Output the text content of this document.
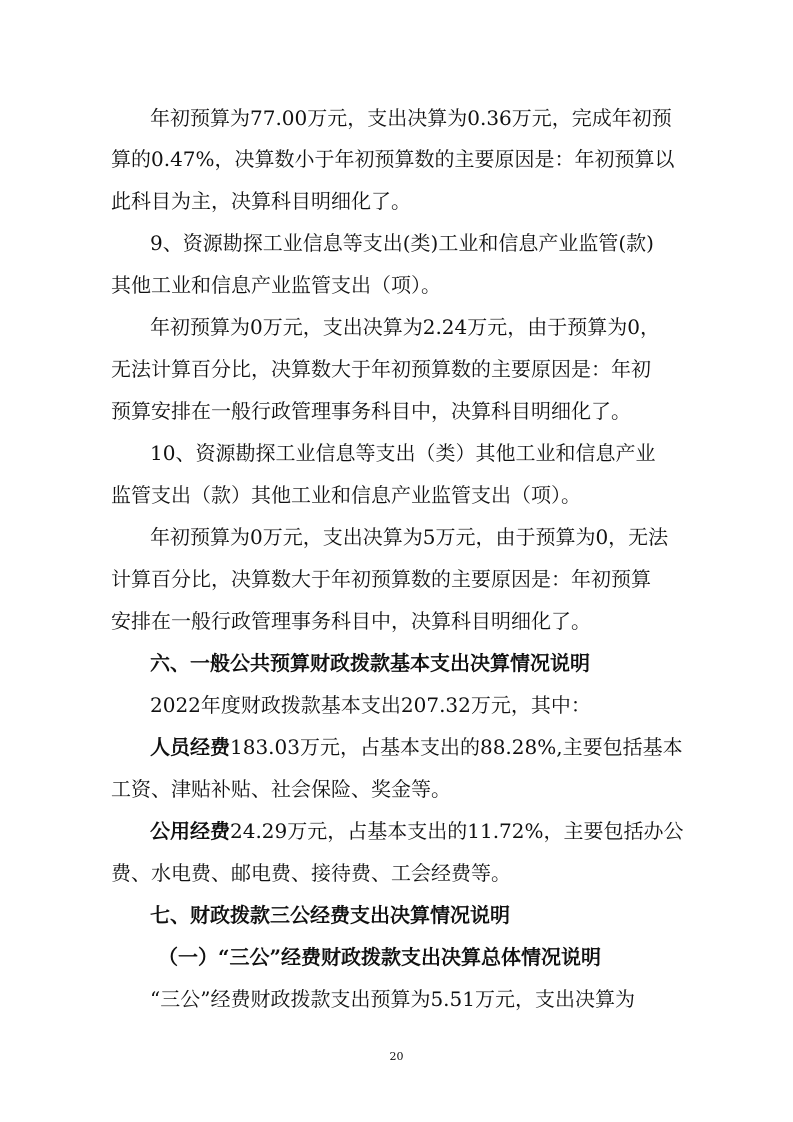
年初预算为77.00万元，支出决算为0.36万元，完成年初预

算的0.47%，决算数小于年初预算数的主要原因是：年初预算以

此科目为主，决算科目明细化了。

9、资源勘探工业信息等支出(类)工业和信息产业监管(款)

其他工业和信息产业监管支出（项）。

年初预算为0万元，支出决算为2.24万元，由于预算为0，

无法计算百分比，决算数大于年初预算数的主要原因是：年初

预算安排在一般行政管理事务科目中，决算科目明细化了。

10、资源勘探工业信息等支出（类）其他工业和信息产业

监管支出（款）其他工业和信息产业监管支出（项）。

年初预算为0万元，支出决算为5万元，由于预算为0，无法

计算百分比，决算数大于年初预算数的主要原因是：年初预算

安排在一般行政管理事务科目中，决算科目明细化了。

六、一般公共预算财政拨款基本支出决算情况说明

2022年度财政拨款基本支出207.32万元，其中：

人员经费183.03万元，占基本支出的88.28%,主要包括基本

工资、津贴补贴、社会保险、奖金等。

公用经费24.29万元，占基本支出的11.72%，主要包括办公

费、水电费、邮电费、接待费、工会经费等。

七、财政拨款三公经费支出决算情况说明

（一）“三公”经费财政拨款支出决算总体情况说明

“三公”经费财政拨款支出预算为5.51万元，支出决算为

20
